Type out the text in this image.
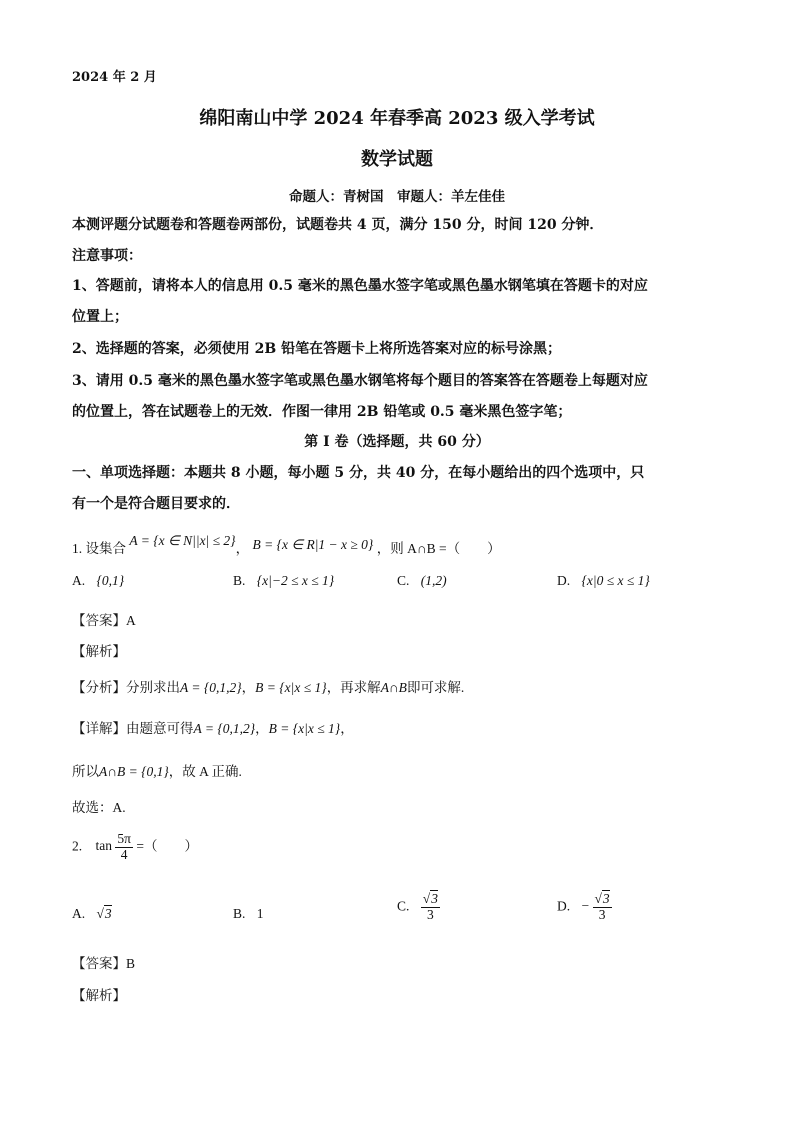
2024 年 2 月
绵阳南山中学 2024 年春季高 2023 级入学考试
数学试题
命题人：青树国　审题人：羊左佳佳
本测评题分试题卷和答题卷两部份，试题卷共 4 页，满分 150 分，时间 120 分钟．
注意事项：
1、答题前，请将本人的信息用 0.5 毫米的黑色墨水签字笔或黑色墨水钢笔填在答题卡的对应
位置上；
2、选择题的答案，必须使用 2B 铅笔在答题卡上将所选答案对应的标号涂黑；
3、请用 0.5 毫米的黑色墨水签字笔或黑色墨水钢笔将每个题目的答案答在答题卷上每题对应
的位置上，答在试题卷上的无效．作图一律用 2B 铅笔或 0.5 毫米黑色签字笔；
第 I 卷（选择题，共 60 分）
一、单项选择题：本题共 8 小题，每小题 5 分，共 40 分，在每小题给出的四个选项中，只
有一个是符合题目要求的．
1. 设集合 A = {x ∈ N||x| ≤ 2}， B = {x ∈ R|1 − x ≥ 0} ，则 A∩B =（　　）
A. {0,1}	B. {x|−2 ≤ x ≤ 1}	C. (1,2)	D. {x|0 ≤ x ≤ 1}
【答案】A
【解析】
【分析】分别求出A = {0,1,2}，B = {x|x ≤ 1}，再求解A∩B即可求解.
【详解】由题意可得A = {0,1,2}，B = {x|x ≤ 1}，
所以A∩B = {0,1}，故 A 正确.
故选：A.
2. $\tan \frac{5\pi}{4}$ =（　　）
A. √3	B. 1
C. $\frac{√3}{3}$	D. − $\frac{√3}{3}$
【答案】B
【解析】
